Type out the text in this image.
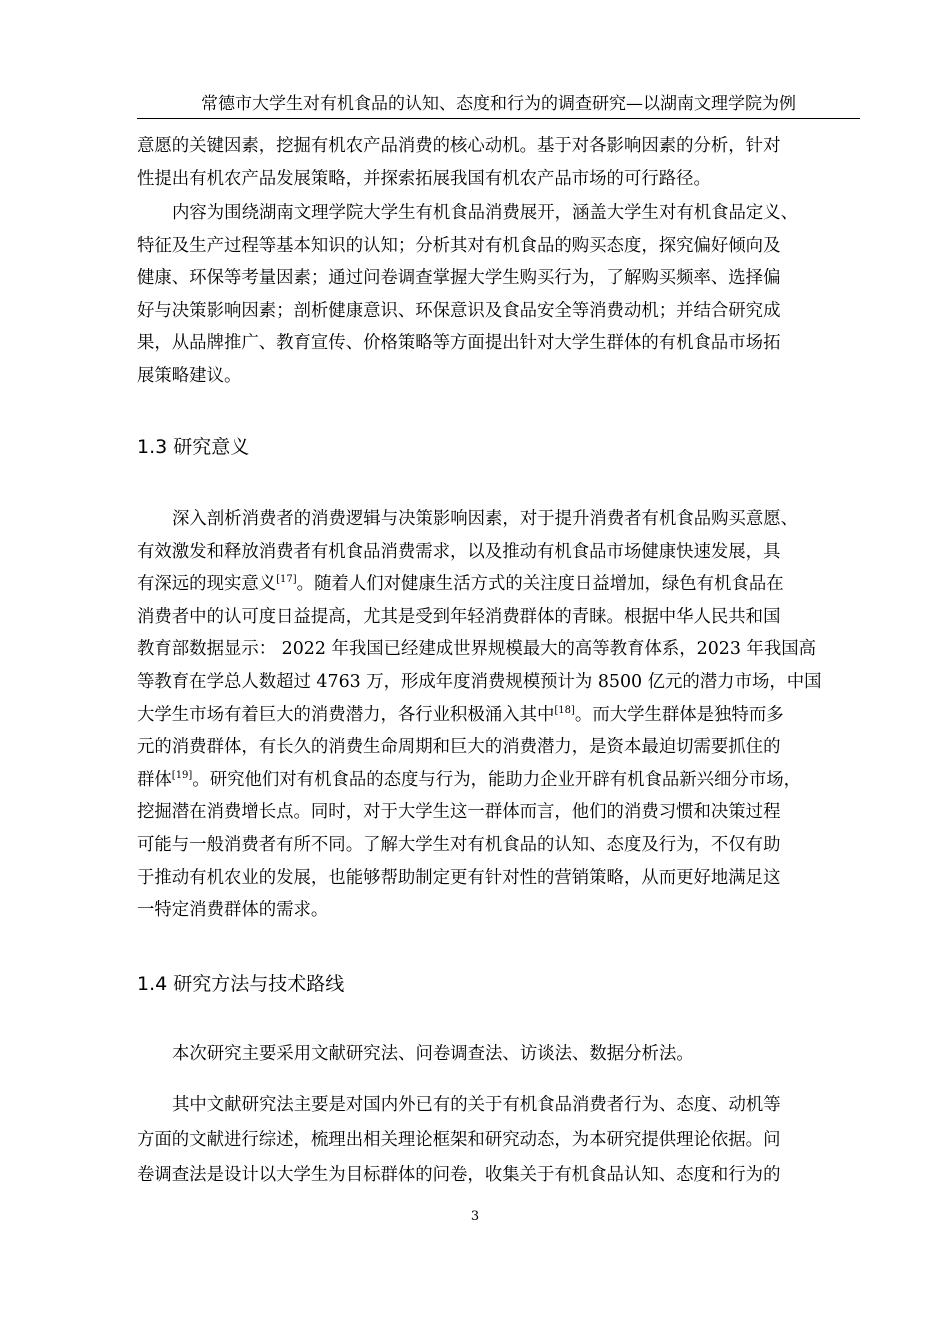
常德市大学生对有机食品的认知、态度和行为的调查研究—以湖南文理学院为例
意愿的关键因素，挖掘有机农产品消费的核心动机。基于对各影响因素的分析，针对
性提出有机农产品发展策略，并探索拓展我国有机农产品市场的可行路径。
内容为围绕湖南文理学院大学生有机食品消费展开，涵盖大学生对有机食品定义、
特征及生产过程等基本知识的认知；分析其对有机食品的购买态度，探究偏好倾向及
健康、环保等考量因素；通过问卷调查掌握大学生购买行为，了解购买频率、选择偏
好与决策影响因素；剖析健康意识、环保意识及食品安全等消费动机；并结合研究成
果，从品牌推广、教育宣传、价格策略等方面提出针对大学生群体的有机食品市场拓
展策略建议。
1.3 研究意义
深入剖析消费者的消费逻辑与决策影响因素，对于提升消费者有机食品购买意愿、
有效激发和释放消费者有机食品消费需求，以及推动有机食品市场健康快速发展，具
有深远的现实意义[17]。随着人们对健康生活方式的关注度日益增加，绿色有机食品在
消费者中的认可度日益提高，尤其是受到年轻消费群体的青睐。根据中华人民共和国
教育部数据显示： 2022 年我国已经建成世界规模最大的高等教育体系，2023 年我国高
等教育在学总人数超过 4763 万，形成年度消费规模预计为 8500 亿元的潜力市场，中国
大学生市场有着巨大的消费潜力，各行业积极涌入其中[18]。而大学生群体是独特而多
元的消费群体，有长久的消费生命周期和巨大的消费潜力，是资本最迫切需要抓住的
群体[19]。研究他们对有机食品的态度与行为，能助力企业开辟有机食品新兴细分市场，
挖掘潜在消费增长点。同时，对于大学生这一群体而言，他们的消费习惯和决策过程
可能与一般消费者有所不同。了解大学生对有机食品的认知、态度及行为，不仅有助
于推动有机农业的发展，也能够帮助制定更有针对性的营销策略，从而更好地满足这
一特定消费群体的需求。
1.4 研究方法与技术路线
本次研究主要采用文献研究法、问卷调查法、访谈法、数据分析法。
其中文献研究法主要是对国内外已有的关于有机食品消费者行为、态度、动机等
方面的文献进行综述，梳理出相关理论框架和研究动态，为本研究提供理论依据。问
卷调查法是设计以大学生为目标群体的问卷，收集关于有机食品认知、态度和行为的
3
